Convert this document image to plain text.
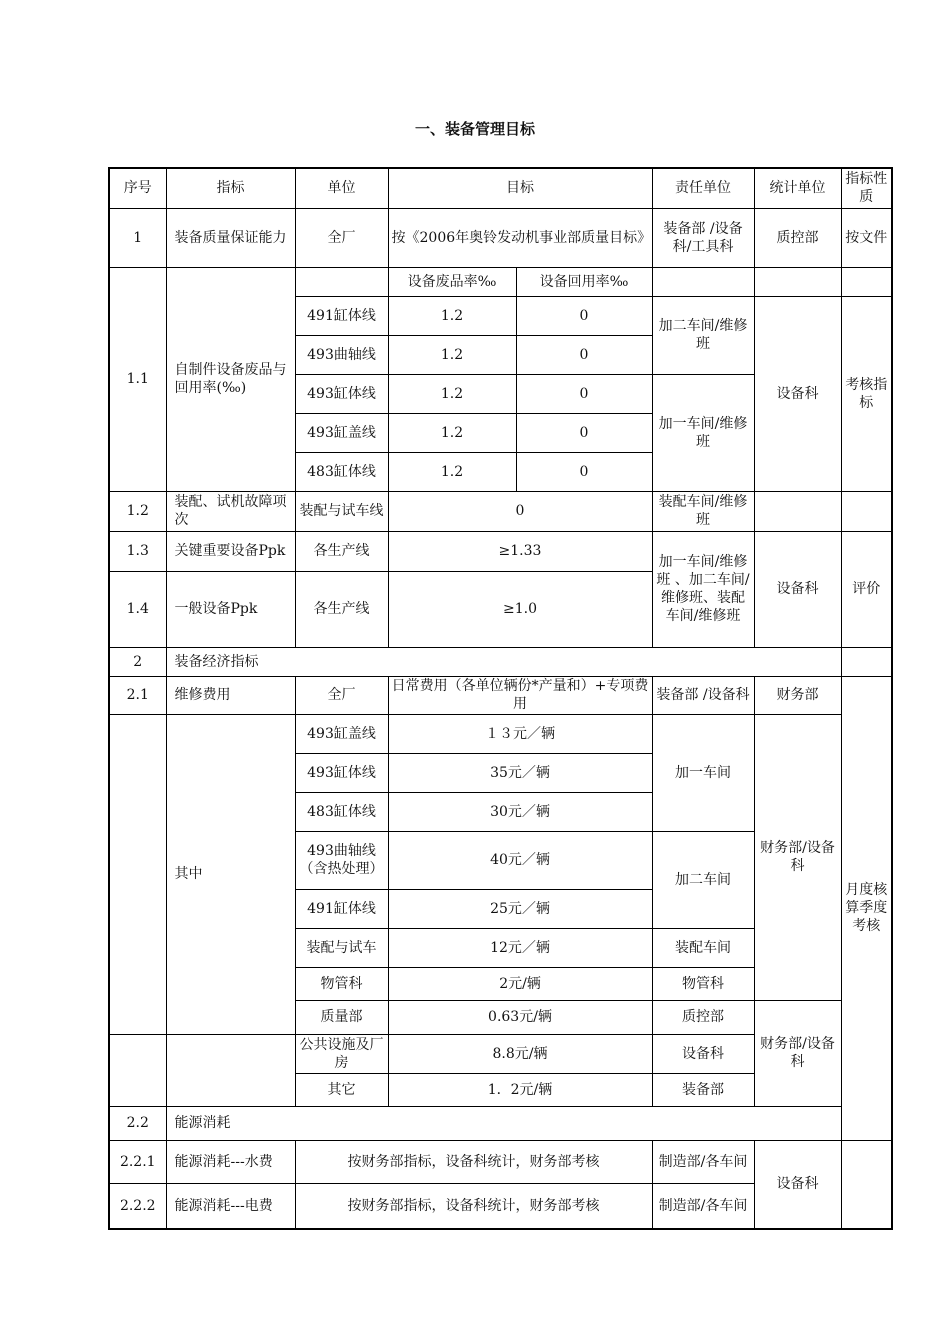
一、装备管理目标
序号	指标	单位	目标		责任单位	统计单位	指标性质
1	装备质量保证能力	全厂	按《2006年奥铃发动机事业部质量目标》		装备部 /设备科/工具科	质控部	按文件
1.1	自制件设备废品与回用率(‰)		设备废品率‰	设备回用率‰			
		491缸体线	1.2	0	加二车间/维修班	设备科	考核指标
		493曲轴线	1.2	0			
		493缸体线	1.2	0	加一车间/维修班		
		493缸盖线	1.2	0			
		483缸体线	1.2	0			
1.2	装配、试机故障项次	装配与试车线	0		装配车间/维修班		
1.3	关键重要设备Ppk	各生产线	≥1.33		加一车间/维修班 、加二车间/维修班、装配车间/维修班	设备科	评价
1.4	一般设备Ppk	各生产线	≥1.0				
2	装备经济指标						
2.1	维修费用	全厂	日常费用（各单位辆份*产量和）+专项费用		装备部 /设备科	财务部	月度核算季度考核
	其中	493缸盖线	１３元／辆		加一车间	财务部/设备科	
		493缸体线	35元／辆				
		483缸体线	30元／辆				
		493曲轴线（含热处理）	40元／辆		加二车间		
		491缸体线	25元／辆				
		装配与试车	12元／辆		装配车间		
		物管科	2元/辆		物管科		
		质量部	0.63元/辆		质控部	财务部/设备科	
		公共设施及厂房	8.8元/辆		设备科		
		其它	1．2元/辆		装备部		
2.2	能源消耗						
2.2.1	能源消耗---水费	按财务部指标，设备科统计，财务部考核			制造部/各车间	设备科	
2.2.2	能源消耗---电费	按财务部指标，设备科统计，财务部考核			制造部/各车间		
